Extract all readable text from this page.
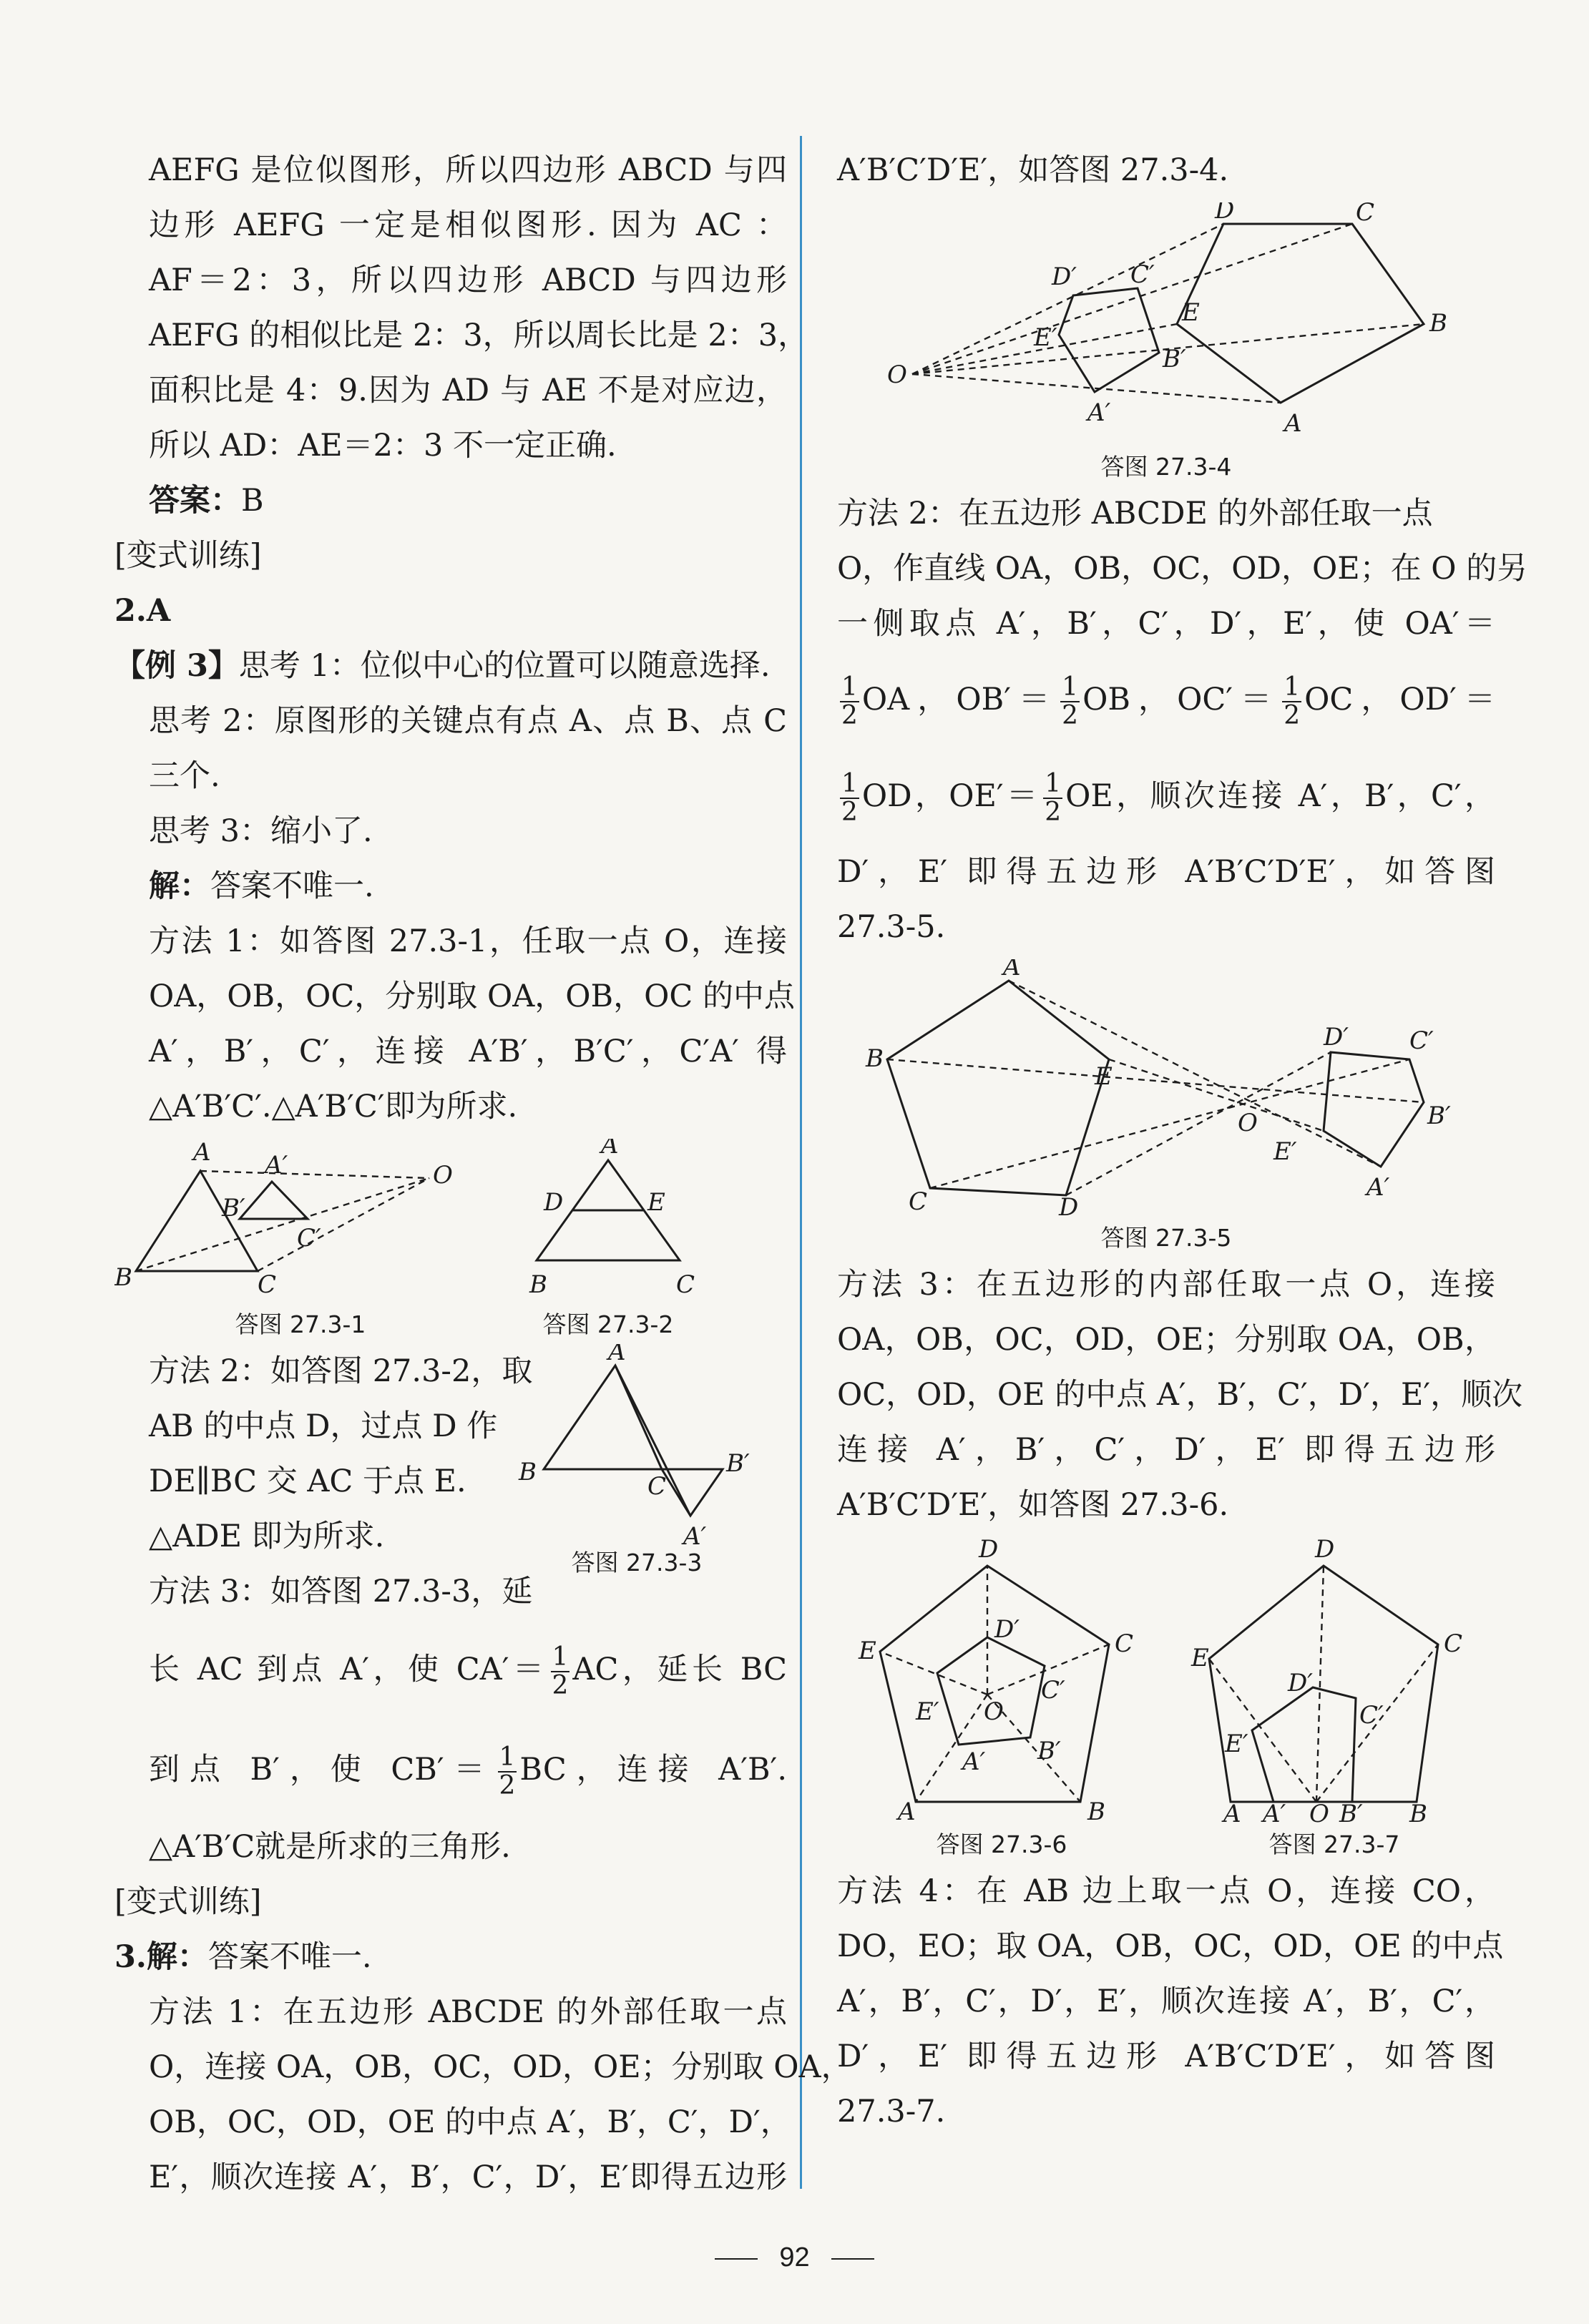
AEFG 是位似图形，所以四边形 ABCD 与四
边形 AEFG 一定是相似图形. 因为 AC ：
AF＝2：3，所以四边形 ABCD 与四边形
AEFG 的相似比是 2：3，所以周长比是 2：3，
面积比是 4：9.因为 AD 与 AE 不是对应边，
所以 AD：AE＝2：3 不一定正确.
答案：B
[变式训练]
2.A
【例 3】思考 1：位似中心的位置可以随意选择.
思考 2：原图形的关键点有点 A、点 B、点 C
三个.
思考 3：缩小了.
解：答案不唯一.
方法 1：如答图 27.3-1，任取一点 O，连接
OA，OB，OC，分别取 OA，OB，OC 的中点
A′，B′，C′，连接 A′B′，B′C′，C′A′ 得
△A′B′C′.△A′B′C′即为所求.
A
B	C
A′
B′
C′
O
答图 27.3-1
A
D	E
B	C
答图 27.3-2
方法 2：如答图 27.3-2，取
AB 的中点 D，过点 D 作
DE∥BC 交 AC 于点 E.
△ADE 即为所求.
方法 3：如答图 27.3-3，延
A
B	C
B′
A′
答图 27.3-3
长 AC 到点 A′，使 $CA'= \frac{1}{2}$ AC，延长 BC
到点 B′，使 $CB'= \frac{1}{2}$ BC，连接 A′B′.
△A′B′C就是所求的三角形.
[变式训练]
3.解：答案不唯一.
方法 1：在五边形 ABCDE 的外部任取一点
O，连接 OA，OB，OC，OD，OE；分别取 OA，
OB，OC，OD，OE 的中点 A′，B′，C′，D′，
E′，顺次连接 A′，B′，C′，D′，E′即得五边形
A′B′C′D′E′，如答图 27.3-4.
O
D	C
B
A
E
D′ C′
B′
A′
E′
答图 27.3-4
方法 2：在五边形 ABCDE 的外部任取一点
O，作直线 OA，OB，OC，OD，OE；在 O 的另
一侧取点 A′，B′，C′，D′，E′，使 OA′＝
$\frac{1}{2}$ OA，$OB'= \frac{1}{2}$ OB，$OC'= \frac{1}{2}$ OC，OD′＝
$\frac{1}{2}$ OD，$OE'= \frac{1}{2}$ OE，顺次连接 A′，B′，C′，
D′，E′ 即得五边形 A′B′C′D′E′，如答图
27.3-5.
A
B
C	D
E
O
D′	C′
B′
A′
E′
答图 27.3-5
方法 3：在五边形的内部任取一点 O，连接
OA，OB，OC，OD，OE；分别取 OA，OB，
OC，OD，OE 的中点 A′，B′，C′，D′，E′，顺次
连接 A′，B′，C′，D′，E′ 即得五边形
A′B′C′D′E′，如答图 27.3-6.
D
C
B
A
E
O
D′
C′
B′
A′
E′
答图 27.3-6
D
C
E
D′
C′
E′
A A′ O B′ B
答图 27.3-7
方法 4：在 AB 边上取一点 O，连接 CO，
DO，EO；取 OA，OB，OC，OD，OE 的中点
A′，B′，C′，D′，E′，顺次连接 A′，B′，C′，
D′，E′ 即得五边形 A′B′C′D′E′，如答图
27.3-7.
92
